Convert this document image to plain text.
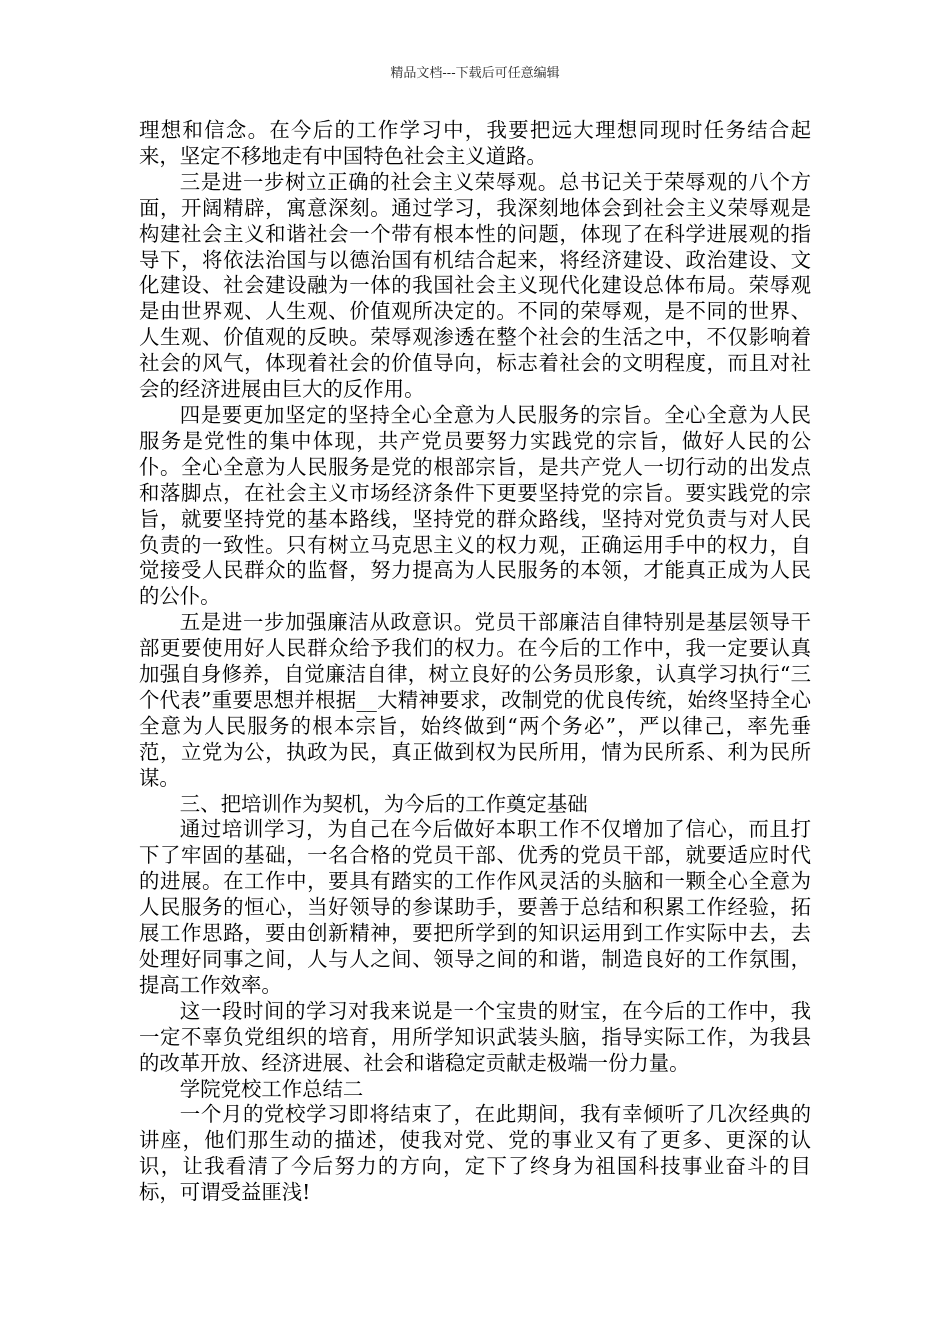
精品文档---下载后可任意编辑

理想和信念。在今后的工作学习中，我要把远大理想同现时任务结合起来，坚定不移地走有中国特色社会主义道路。

三是进一步树立正确的社会主义荣辱观。总书记关于荣辱观的八个方面，开阔精辟，寓意深刻。通过学习，我深刻地体会到社会主义荣辱观是构建社会主义和谐社会一个带有根本性的问题，体现了在科学进展观的指导下，将依法治国与以德治国有机结合起来，将经济建设、政治建设、文化建设、社会建设融为一体的我国社会主义现代化建设总体布局。荣辱观是由世界观、人生观、价值观所决定的。不同的荣辱观，是不同的世界、人生观、价值观的反映。荣辱观渗透在整个社会的生活之中，不仅影响着社会的风气，体现着社会的价值导向，标志着社会的文明程度，而且对社会的经济进展由巨大的反作用。

四是要更加坚定的坚持全心全意为人民服务的宗旨。全心全意为人民服务是党性的集中体现，共产党员要努力实践党的宗旨，做好人民的公仆。全心全意为人民服务是党的根部宗旨，是共产党人一切行动的出发点和落脚点，在社会主义市场经济条件下更要坚持党的宗旨。要实践党的宗旨，就要坚持党的基本路线，坚持党的群众路线，坚持对党负责与对人民负责的一致性。只有树立马克思主义的权力观，正确运用手中的权力，自觉接受人民群众的监督，努力提高为人民服务的本领，才能真正成为人民的公仆。

五是进一步加强廉洁从政意识。党员干部廉洁自律特别是基层领导干部更要使用好人民群众给予我们的权力。在今后的工作中，我一定要认真加强自身修养，自觉廉洁自律，树立良好的公务员形象，认真学习执行“三个代表”重要思想并根据__大精神要求，改制党的优良传统，始终坚持全心全意为人民服务的根本宗旨，始终做到“两个务必”，严以律己，率先垂范，立党为公，执政为民，真正做到权为民所用，情为民所系、利为民所谋。

三、把培训作为契机，为今后的工作奠定基础

通过培训学习，为自己在今后做好本职工作不仅增加了信心，而且打下了牢固的基础，一名合格的党员干部、优秀的党员干部，就要适应时代的进展。在工作中，要具有踏实的工作作风灵活的头脑和一颗全心全意为人民服务的恒心，当好领导的参谋助手，要善于总结和积累工作经验，拓展工作思路，要由创新精神，要把所学到的知识运用到工作实际中去，去处理好同事之间，人与人之间、领导之间的和谐，制造良好的工作氛围，提高工作效率。

这一段时间的学习对我来说是一个宝贵的财宝，在今后的工作中，我一定不辜负党组织的培育，用所学知识武装头脑，指导实际工作，为我县的改革开放、经济进展、社会和谐稳定贡献走极端一份力量。

学院党校工作总结二

一个月的党校学习即将结束了，在此期间，我有幸倾听了几次经典的讲座，他们那生动的描述，使我对党、党的事业又有了更多、更深的认识，让我看清了今后努力的方向，定下了终身为祖国科技事业奋斗的目标，可谓受益匪浅!
